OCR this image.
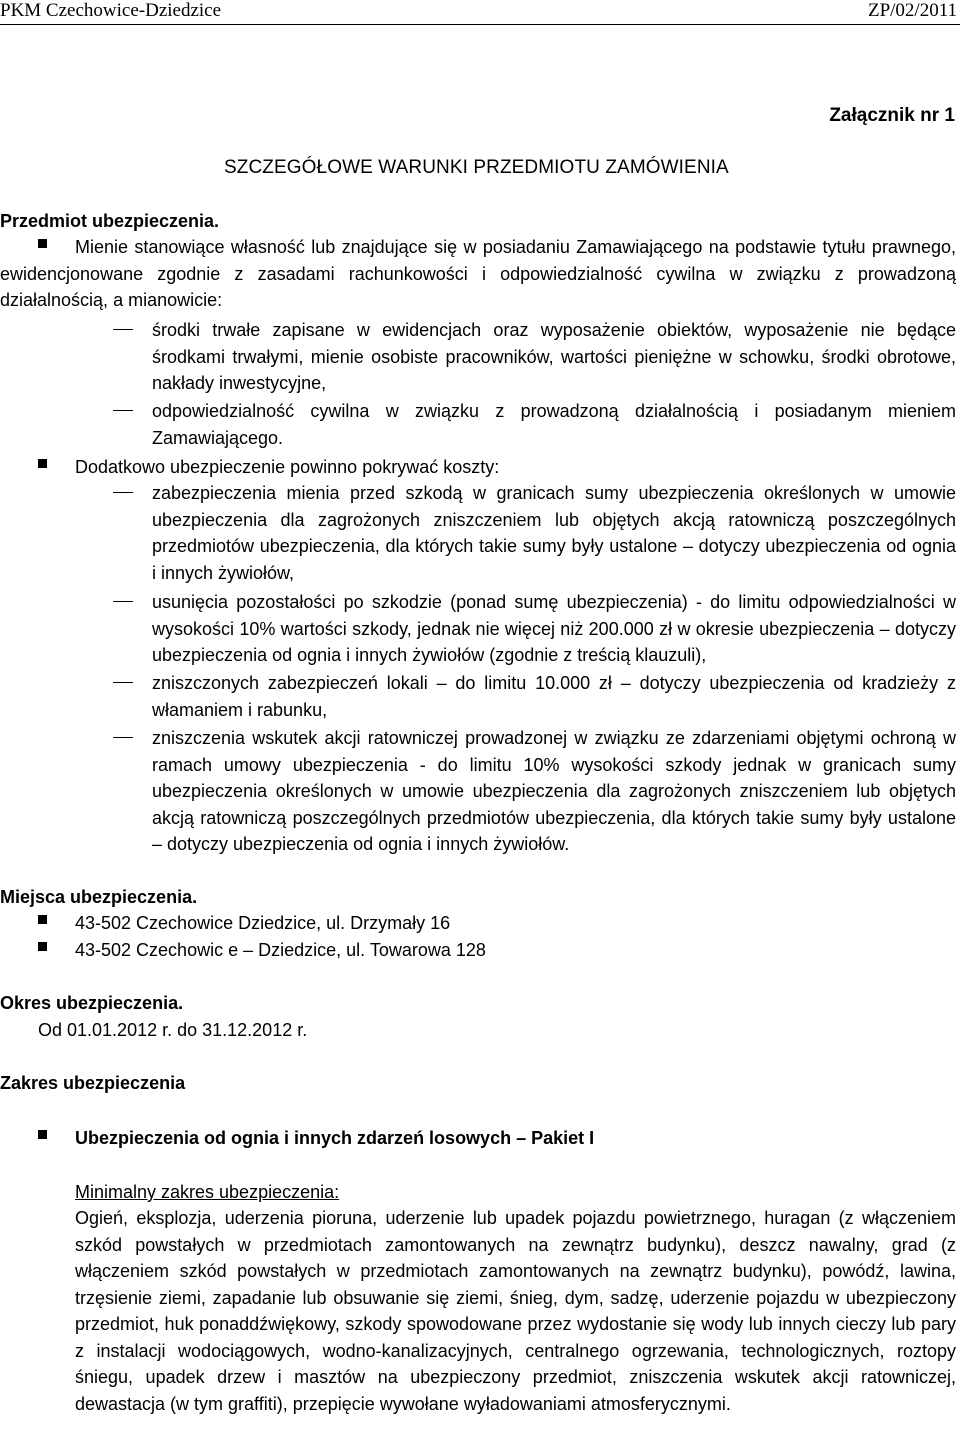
PKM Czechowice-Dziedzice	ZP/02/2011
Załącznik nr 1
SZCZEGÓŁOWE WARUNKI PRZEDMIOTU ZAMÓWIENIA
Przedmiot ubezpieczenia.
Mienie stanowiące własność lub znajdujące się w posiadaniu Zamawiającego na podstawie tytułu prawnego, ewidencjonowane zgodnie z zasadami rachunkowości i odpowiedzialność cywilna w związku z prowadzoną działalnością, a mianowicie:
środki trwałe zapisane w ewidencjach oraz wyposażenie obiektów, wyposażenie nie będące środkami trwałymi, mienie osobiste pracowników, wartości pieniężne w schowku, środki obrotowe, nakłady inwestycyjne,
odpowiedzialność cywilna w związku z prowadzoną działalnością i posiadanym mieniem Zamawiającego.
Dodatkowo ubezpieczenie powinno pokrywać koszty:
zabezpieczenia mienia przed szkodą w granicach sumy ubezpieczenia określonych w umowie ubezpieczenia dla zagrożonych zniszczeniem lub objętych akcją ratowniczą poszczególnych przedmiotów ubezpieczenia, dla których takie sumy były ustalone – dotyczy ubezpieczenia od ognia i innych żywiołów,
usunięcia pozostałości po szkodzie (ponad sumę ubezpieczenia) - do limitu odpowiedzialności w wysokości 10% wartości szkody, jednak nie więcej niż 200.000 zł w okresie ubezpieczenia – dotyczy ubezpieczenia od ognia i innych żywiołów (zgodnie z treścią klauzuli),
zniszczonych zabezpieczeń lokali – do limitu 10.000 zł – dotyczy ubezpieczenia od kradzieży z włamaniem i rabunku,
zniszczenia wskutek akcji ratowniczej prowadzonej w związku ze zdarzeniami objętymi ochroną w ramach umowy ubezpieczenia - do limitu 10% wysokości szkody jednak w granicach sumy ubezpieczenia określonych w umowie ubezpieczenia dla zagrożonych zniszczeniem lub objętych akcją ratowniczą poszczególnych przedmiotów ubezpieczenia, dla których takie sumy były ustalone – dotyczy ubezpieczenia od ognia i innych żywiołów.
Miejsca ubezpieczenia.
43-502 Czechowice Dziedzice, ul. Drzymały 16
43-502 Czechowic e – Dziedzice, ul. Towarowa 128
Okres ubezpieczenia.
Od 01.01.2012 r. do 31.12.2012 r.
Zakres ubezpieczenia
Ubezpieczenia od ognia i innych zdarzeń losowych – Pakiet I
Minimalny zakres ubezpieczenia:
Ogień, eksplozja, uderzenia pioruna, uderzenie lub upadek pojazdu powietrznego, huragan (z włączeniem szkód powstałych w przedmiotach zamontowanych na zewnątrz budynku), deszcz nawalny, grad (z włączeniem szkód powstałych w przedmiotach zamontowanych na zewnątrz budynku), powódź, lawina, trzęsienie ziemi, zapadanie lub obsuwanie się ziemi, śnieg, dym, sadzę, uderzenie pojazdu w ubezpieczony przedmiot, huk ponaddźwiękowy, szkody spowodowane przez wydostanie się wody lub innych cieczy lub pary z instalacji wodociągowych, wodno-kanalizacyjnych, centralnego ogrzewania, technologicznych, roztopy śniegu, upadek drzew i masztów na ubezpieczony przedmiot, zniszczenia wskutek akcji ratowniczej, dewastacja (w tym graffiti), przepięcie wywołane wyładowaniami atmosferycznymi.
